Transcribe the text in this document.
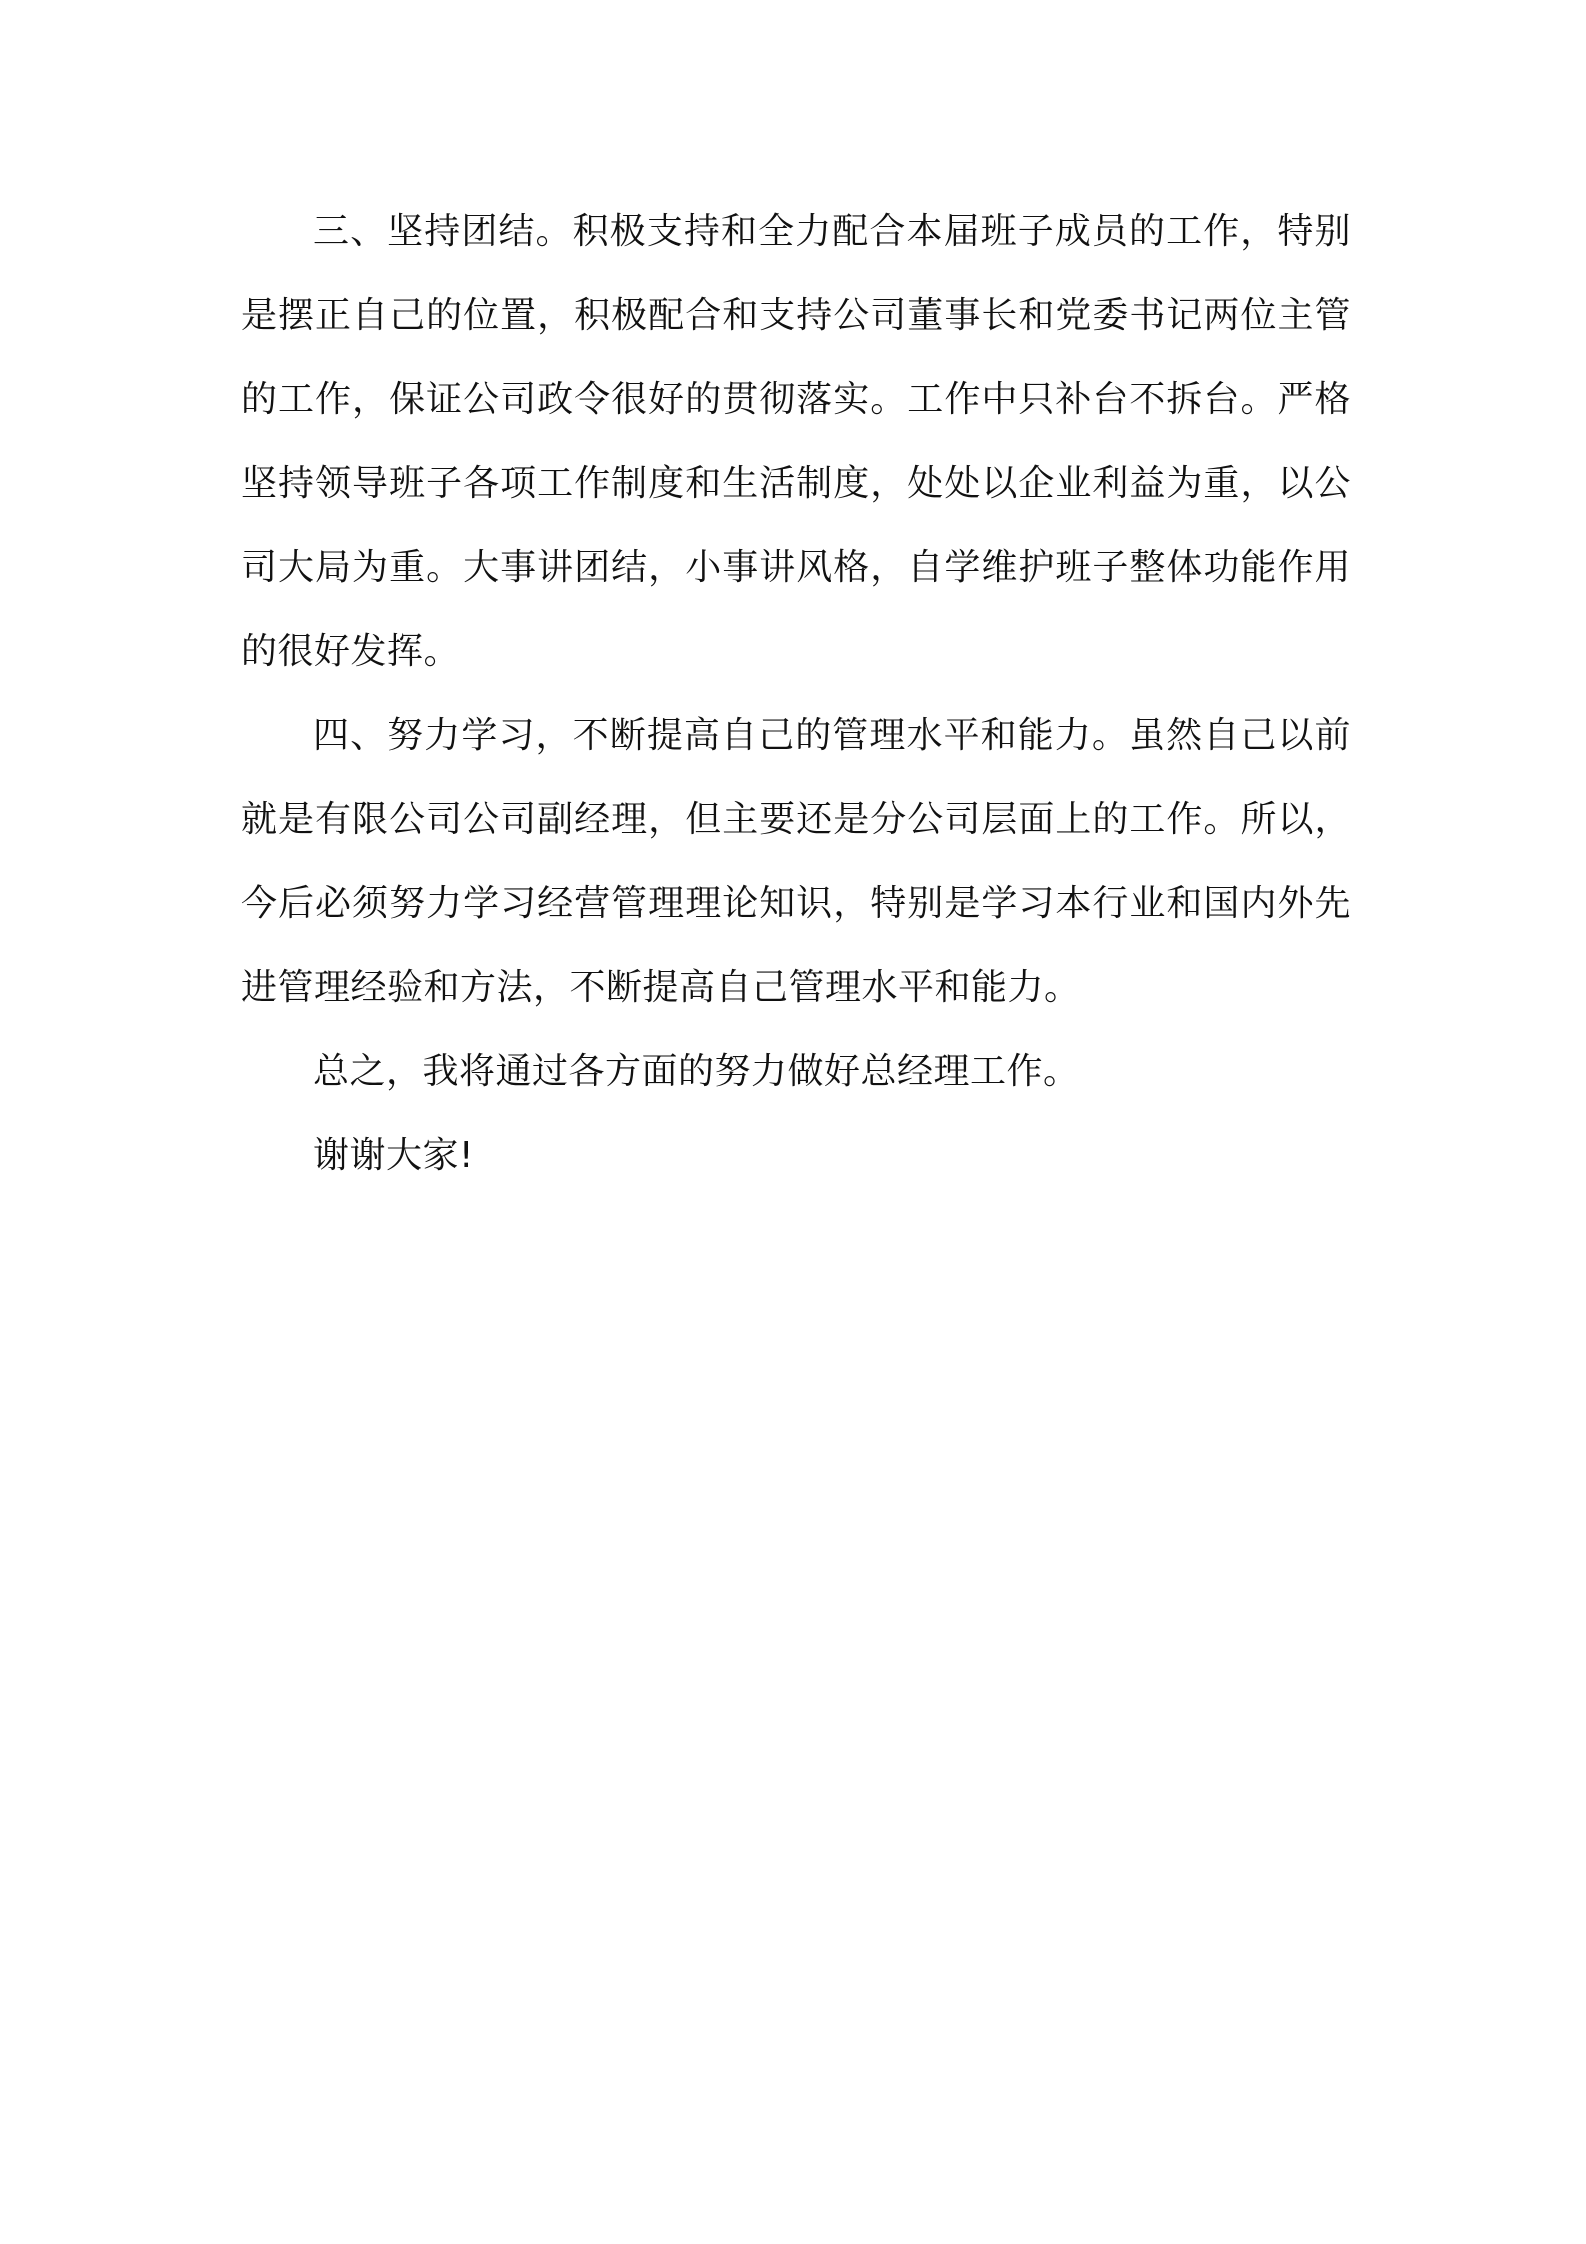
三、坚持团结。积极支持和全力配合本届班子成员的工作，特别是摆正自己的位置，积极配合和支持公司董事长和党委书记两位主管的工作，保证公司政令很好的贯彻落实。工作中只补台不拆台。严格坚持领导班子各项工作制度和生活制度，处处以企业利益为重，以公司大局为重。大事讲团结，小事讲风格，自学维护班子整体功能作用的很好发挥。

四、努力学习，不断提高自己的管理水平和能力。虽然自己以前就是有限公司公司副经理，但主要还是分公司层面上的工作。所以，今后必须努力学习经营管理理论知识，特别是学习本行业和国内外先进管理经验和方法，不断提高自己管理水平和能力。

总之，我将通过各方面的努力做好总经理工作。

谢谢大家!
